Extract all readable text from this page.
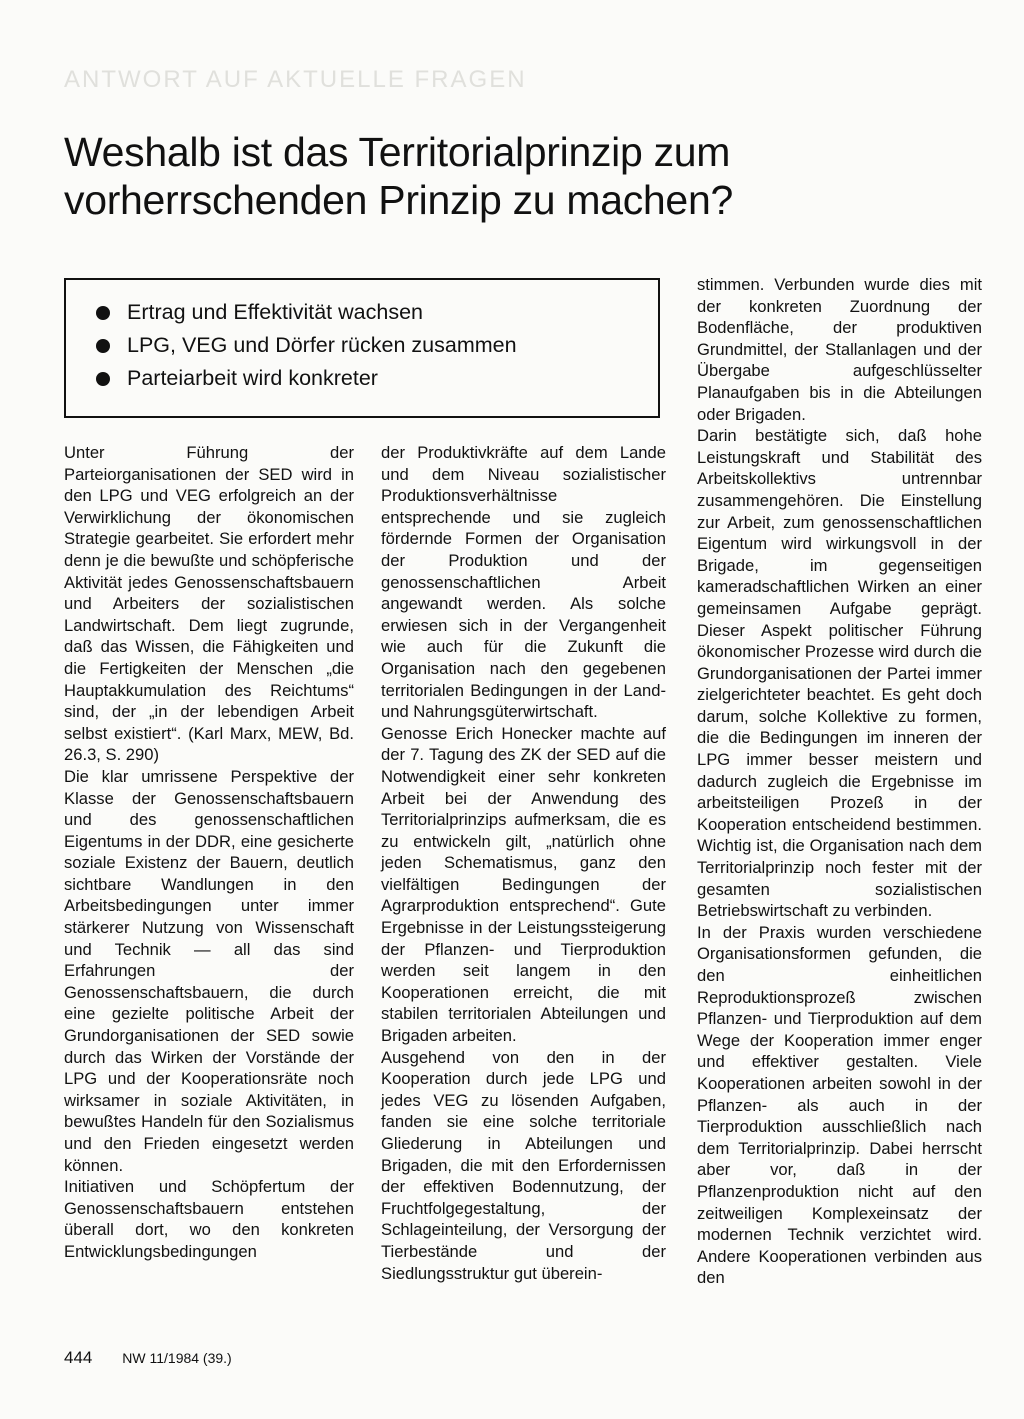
ANTWORT AUF AKTUELLE FRAGEN
Weshalb ist das Territorialprinzip zum vorherrschenden Prinzip zu machen?
Ertrag und Effektivität wachsen
LPG, VEG und Dörfer rücken zusammen
Parteiarbeit wird konkreter

Unter Führung der Parteiorganisationen der SED wird in den LPG und VEG erfolgreich an der Verwirklichung der ökonomischen Strategie gearbeitet. Sie erfordert mehr denn je die bewußte und schöpferische Aktivität jedes Genossenschaftsbauern und Arbeiters der sozialistischen Landwirtschaft. Dem liegt zugrunde, daß das Wissen, die Fähigkeiten und die Fertigkeiten der Menschen „die Hauptakkumulation des Reichtums“ sind, der „in der lebendigen Arbeit selbst existiert“. (Karl Marx, MEW, Bd. 26.3, S. 290)

Die klar umrissene Perspektive der Klasse der Genossenschaftsbauern und des genossenschaftlichen Eigentums in der DDR, eine gesicherte soziale Existenz der Bauern, deutlich sichtbare Wandlungen in den Arbeitsbedingungen unter immer stärkerer Nutzung von Wissenschaft und Technik — all das sind Erfahrungen der Genossenschaftsbauern, die durch eine gezielte politische Arbeit der Grundorganisationen der SED sowie durch das Wirken der Vorstände der LPG und der Kooperationsräte noch wirksamer in soziale Aktivitäten, in bewußtes Handeln für den Sozialismus und den Frieden eingesetzt werden können.

Initiativen und Schöpfertum der Genossenschaftsbauern entstehen überall dort, wo den konkreten Entwicklungsbedingungen

der Produktivkräfte auf dem Lande und dem Niveau sozialistischer Produktionsverhältnisse entsprechende und sie zugleich fördernde Formen der Organisation der Produktion und der genossenschaftlichen Arbeit angewandt werden. Als solche erwiesen sich in der Vergangenheit wie auch für die Zukunft die Organisation nach den gegebenen territorialen Bedingungen in der Land- und Nahrungsgüterwirtschaft.

Genosse Erich Honecker machte auf der 7. Tagung des ZK der SED auf die Notwendigkeit einer sehr konkreten Arbeit bei der Anwendung des Territorialprinzips aufmerksam, die es zu entwickeln gilt, „natürlich ohne jeden Schematismus, ganz den vielfältigen Bedingungen der Agrarproduktion entsprechend“. Gute Ergebnisse in der Leistungssteigerung der Pflanzen- und Tierproduktion werden seit langem in den Kooperationen erreicht, die mit stabilen territorialen Abteilungen und Brigaden arbeiten.

Ausgehend von den in der Kooperation durch jede LPG und jedes VEG zu lösenden Aufgaben, fanden sie eine solche territoriale Gliederung in Abteilungen und Brigaden, die mit den Erfordernissen der effektiven Bodennutzung, der Fruchtfolgegestaltung, der Schlageinteilung, der Versorgung der Tierbestände und der Siedlungsstruktur gut überein-

stimmen. Verbunden wurde dies mit der konkreten Zuordnung der Bodenfläche, der produktiven Grundmittel, der Stallanlagen und der Übergabe aufgeschlüsselter Planaufgaben bis in die Abteilungen oder Brigaden.

Darin bestätigte sich, daß hohe Leistungskraft und Stabilität des Arbeitskollektivs untrennbar zusammengehören. Die Einstellung zur Arbeit, zum genossenschaftlichen Eigentum wird wirkungsvoll in der Brigade, im gegenseitigen kameradschaftlichen Wirken an einer gemeinsamen Aufgabe geprägt. Dieser Aspekt politischer Führung ökonomischer Prozesse wird durch die Grundorganisationen der Partei immer zielgerichteter beachtet. Es geht doch darum, solche Kollektive zu formen, die die Bedingungen im inneren der LPG immer besser meistern und dadurch zugleich die Ergebnisse im arbeitsteiligen Prozeß in der Kooperation entscheidend bestimmen. Wichtig ist, die Organisation nach dem Territorialprinzip noch fester mit der gesamten sozialistischen Betriebswirtschaft zu verbinden.

In der Praxis wurden verschiedene Organisationsformen gefunden, die den einheitlichen Reproduktionsprozeß zwischen Pflanzen- und Tierproduktion auf dem Wege der Kooperation immer enger und effektiver gestalten. Viele Kooperationen arbeiten sowohl in der Pflanzen- als auch in der Tierproduktion ausschließlich nach dem Territorialprinzip. Dabei herrscht aber vor, daß in der Pflanzenproduktion nicht auf den zeitweiligen Komplexeinsatz der modernen Technik verzichtet wird. Andere Kooperationen verbinden aus den

444 NW 11/1984 (39.)
